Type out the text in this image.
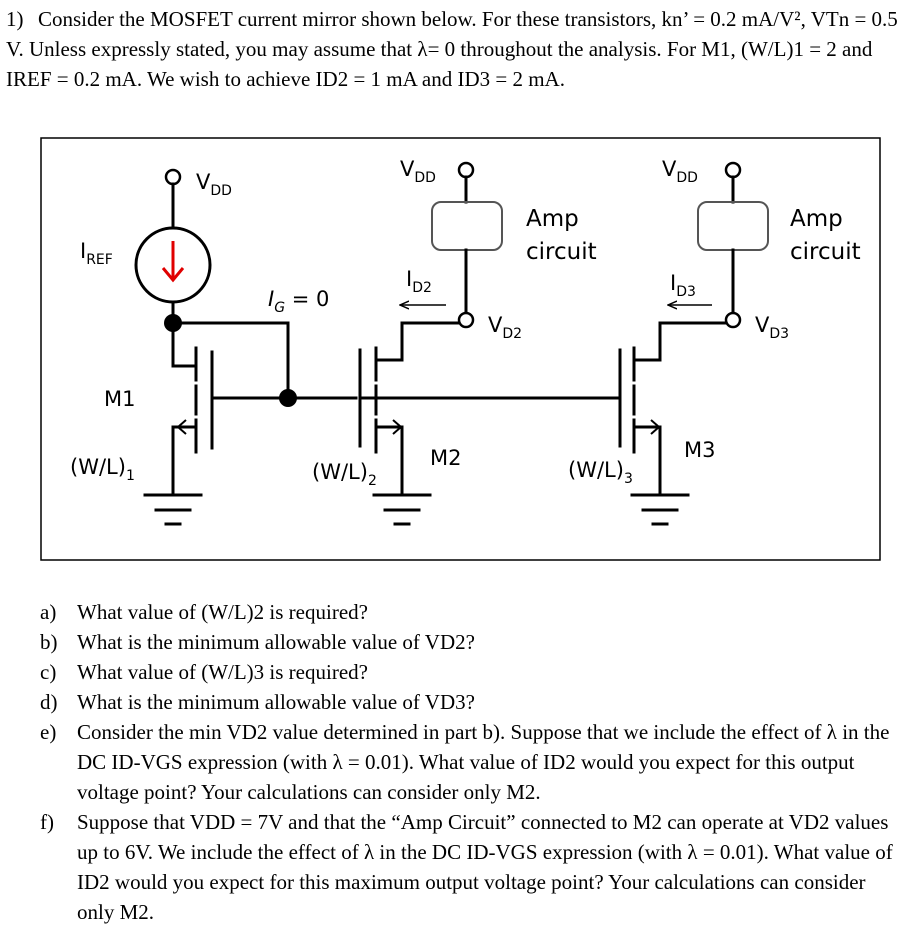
1) Consider the MOSFET current mirror shown below. For these transistors, kn’ = 0.2 mA/V², VTn = 0.5 V. Unless expressly stated, you may assume that λ= 0 throughout the analysis. For M1, (W/L)1 = 2 and IREF = 0.2 mA. We wish to achieve ID2 = 1 mA and ID3 = 2 mA.
$V_{DD}$
$V_{DD}$	$V_{DD}$
$I_{REF}$
Amp
circuit
Amp
circuit
$I_{D2}$	$I_{D3}$
$I_G = 0$
$V_{D2}$	$V_{D3}$
M1
M2	M3
$(W/L)_1$	$(W/L)_2$	$(W/L)_3$
a) What value of (W/L)2 is required?
b) What is the minimum allowable value of VD2?
c) What value of (W/L)3 is required?
d) What is the minimum allowable value of VD3?
e) Consider the min VD2 value determined in part b). Suppose that we include the effect of λ in the DC ID-VGS expression (with λ = 0.01). What value of ID2 would you expect for this output voltage point? Your calculations can consider only M2.
f) Suppose that VDD = 7V and that the “Amp Circuit” connected to M2 can operate at VD2 values up to 6V. We include the effect of λ in the DC ID-VGS expression (with λ = 0.01). What value of ID2 would you expect for this maximum output voltage point? Your calculations can consider only M2.
